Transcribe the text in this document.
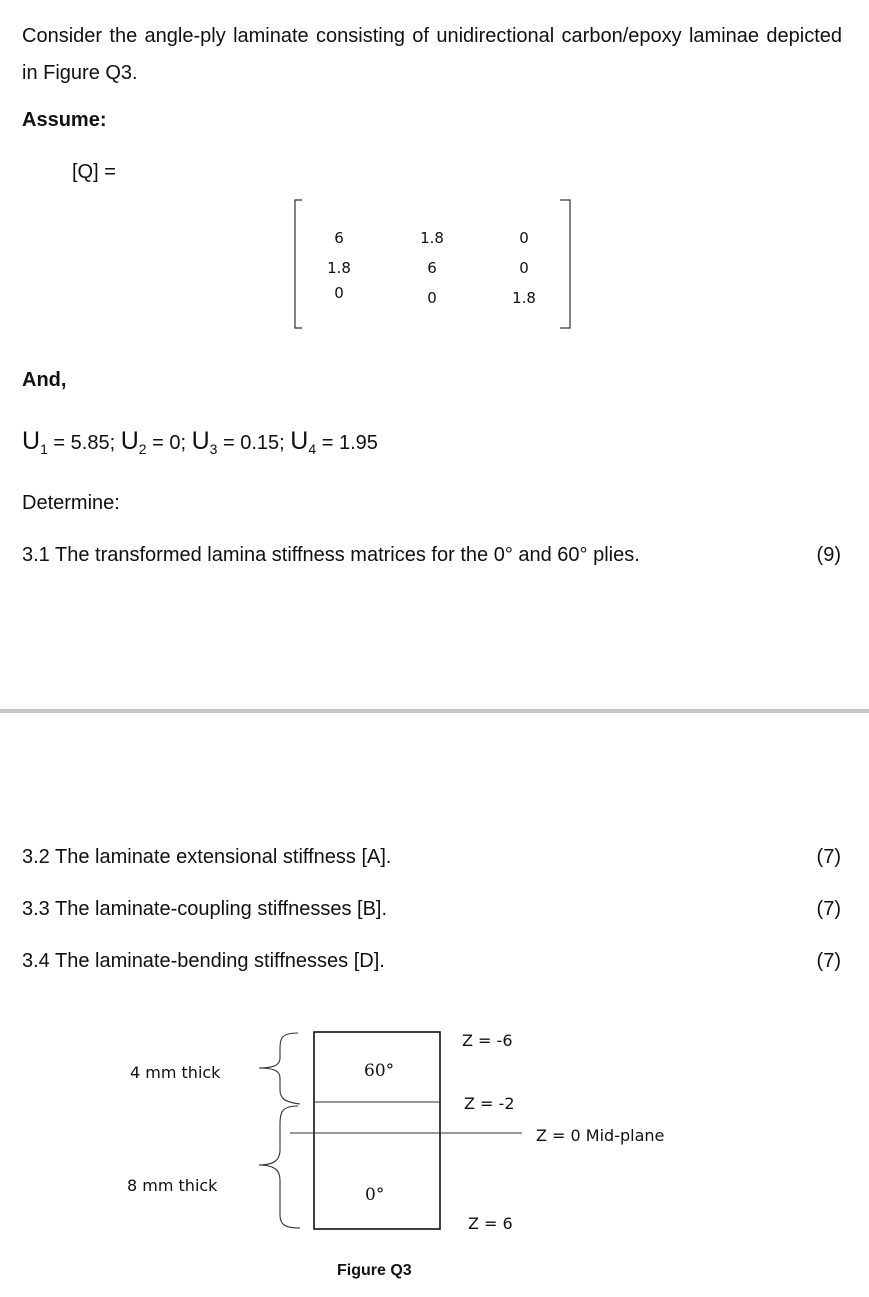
Consider the angle-ply laminate consisting of unidirectional carbon/epoxy laminae depicted in Figure Q3.
Assume:
[Q] =
6	1.8	0
1.8	6	0
0	0	1.8
And,
$U_1 = 5.85$; $U_2 = 0$; $U_3 = 0.15$; $U_4 = 1.95$
Determine:
3.1 The transformed lamina stiffness matrices for the 0° and 60° plies.	(9)
3.2 The laminate extensional stiffness [A].	(7)
3.3 The laminate-coupling stiffnesses [B].	(7)
3.4 The laminate-bending stiffnesses [D].	(7)
4 mm thick
8 mm thick
60°
0°
Z = -6
Z = -2
Z = 0 Mid-plane
Z = 6
Figure Q3
